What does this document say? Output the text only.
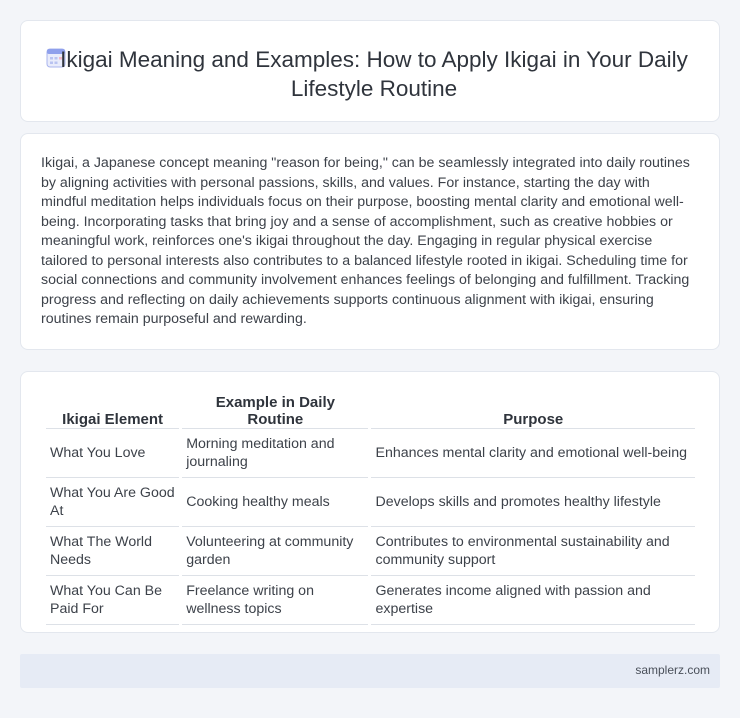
Ikigai Meaning and Examples: How to Apply Ikigai in Your Daily Lifestyle Routine

Ikigai, a Japanese concept meaning "reason for being," can be seamlessly integrated into daily routines by aligning activities with personal passions, skills, and values. For instance, starting the day with mindful meditation helps individuals focus on their purpose, boosting mental clarity and emotional well-being. Incorporating tasks that bring joy and a sense of accomplishment, such as creative hobbies or meaningful work, reinforces one's ikigai throughout the day. Engaging in regular physical exercise tailored to personal interests also contributes to a balanced lifestyle rooted in ikigai. Scheduling time for social connections and community involvement enhances feelings of belonging and fulfillment. Tracking progress and reflecting on daily achievements supports continuous alignment with ikigai, ensuring routines remain purposeful and rewarding.

Ikigai Element	Example in Daily Routine	Purpose
What You Love	Morning meditation and journaling	Enhances mental clarity and emotional well-being
What You Are Good At	Cooking healthy meals	Develops skills and promotes healthy lifestyle
What The World Needs	Volunteering at community garden	Contributes to environmental sustainability and community support
What You Can Be Paid For	Freelance writing on wellness topics	Generates income aligned with passion and expertise
samplerz.com
